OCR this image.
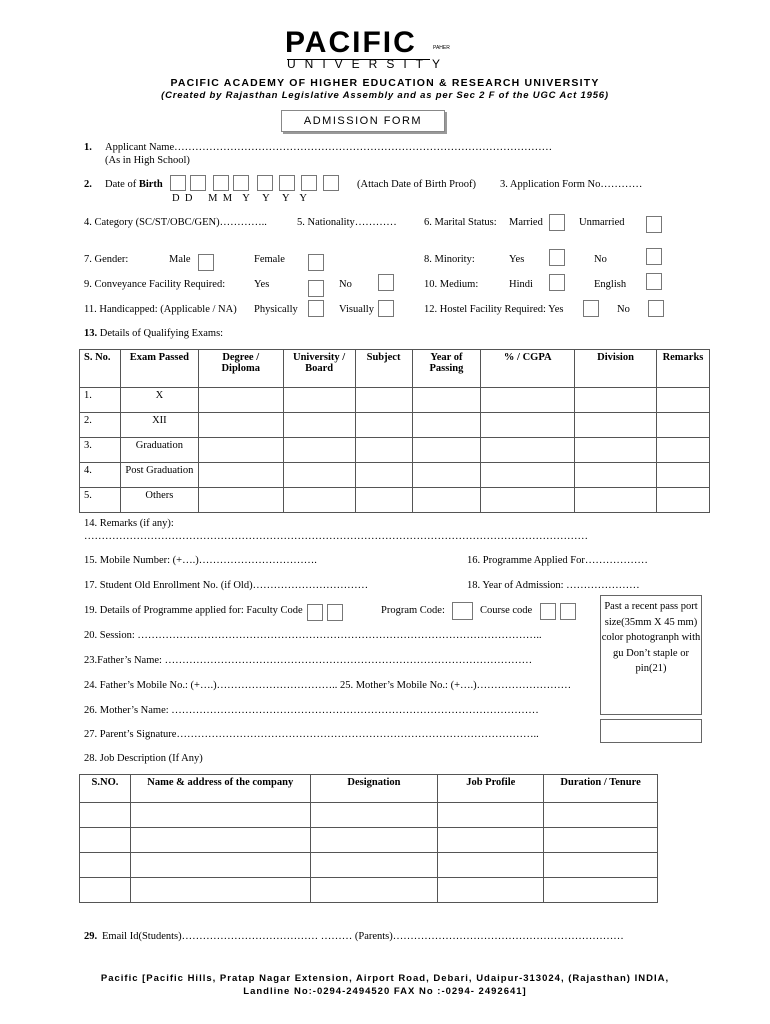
PACIFIC	PAHER
UNIVERSITY
PACIFIC ACADEMY OF HIGHER EDUCATION & RESEARCH UNIVERSITY
(Created by Rajasthan Legislative Assembly and as per Sec 2 F of the UGC Act 1956)
ADMISSION FORM
1. Applicant Name………………………………………………………………………………………………
(As in High School)
2. Date of Birth
D  D      M  M    Y     Y     Y    Y
(Attach Date of Birth Proof) 3. Application Form No…………
4. Category (SC/ST/OBC/GEN)…………..	5. Nationality…………	6. Marital Status: Married	Unmarried
7. Gender:	Male	Female	8. Minority:	Yes	No
9. Conveyance Facility Required:	Yes	No	10. Medium:	Hindi	English
11. Handicapped: (Applicable / NA) Physically	Visually	12. Hostel Facility Required: Yes	No
13. Details of Qualifying Exams:
S. No.	Exam Passed	Degree / Diploma	University / Board	Subject	Year of Passing	% / CGPA	Division	Remarks
1.	X							
2.	XII							
3.	Graduation							
4.	Post Graduation							
5.	Others							
14. Remarks (if any):
………………………………………………………………………………………………………………………………
15. Mobile Number: (+….)…………………………….	16. Programme Applied For………………
17. Student Old Enrollment No. (if Old)……………………………	18. Year of Admission: …………………
19. Details of Programme applied for: Faculty Code	Program Code:	Course code	Past a recent pass port size(35mm X 45 mm) color photogranph with gu Don’t staple or pin(21)
20. Session: ……………………………………………………………………………………………………..
23.Father’s Name: ……………………………………………………………………………………………
24. Father’s Mobile No.: (+….)…………………………….. 25. Mother’s Mobile No.: (+….)………………………
26. Mother’s Name: ……………………………………………………………………………………………
27. Parent’s Signature…………………………………………………………………………………………..
28. Job Description (If Any)
S.NO.	Name & address of the company	Designation	Job Profile	Duration / Tenure

29. Email Id(Students)………………………………… ……… (Parents)…………………………………………………………
Pacific [Pacific Hills, Pratap Nagar Extension, Airport Road, Debari, Udaipur-313024, (Rajasthan) INDIA,
Landline No:-0294-2494520 FAX No :-0294- 2492641]
